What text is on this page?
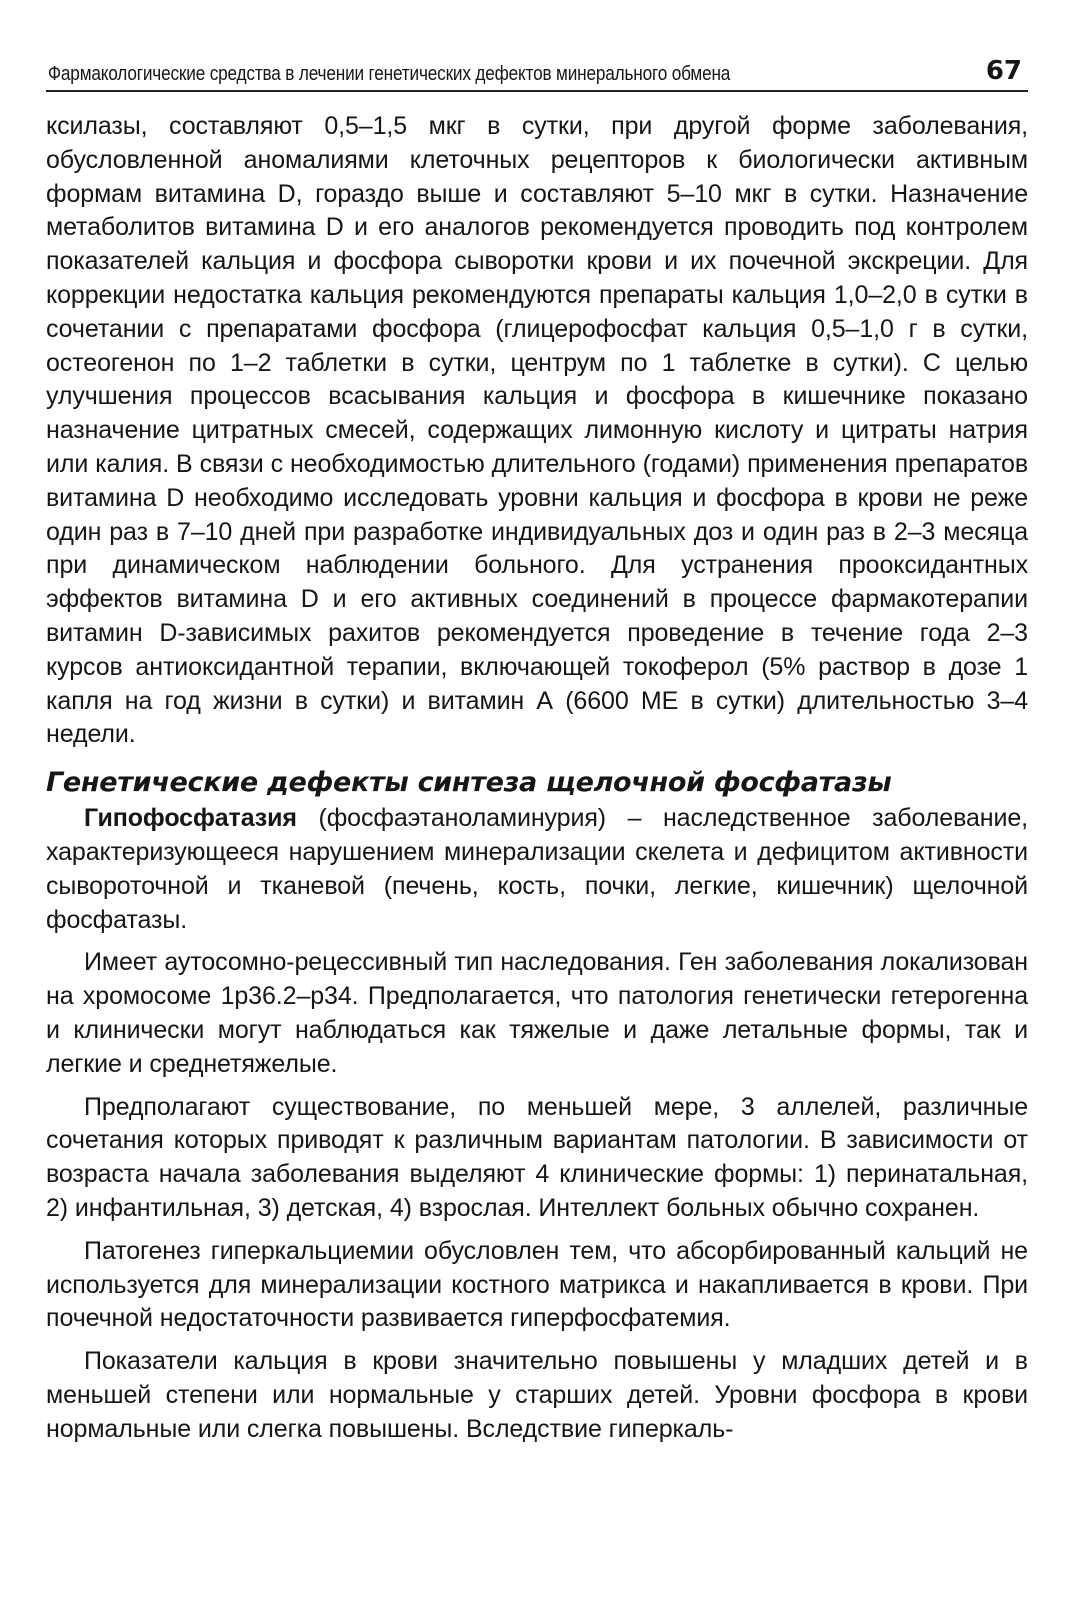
Фармакологические средства в лечении генетических дефектов минерального обмена	67

ксилазы, составляют 0,5–1,5 мкг в сутки, при другой форме заболевания, обусловленной аномалиями клеточных рецепторов к биологически активным формам витамина D, гораздо выше и составляют 5–10 мкг в сутки. Назначение метаболитов витамина D и его аналогов рекомендуется проводить под контролем показателей кальция и фосфора сыворотки крови и их почечной экскреции. Для коррекции недостатка кальция рекомендуются препараты кальция 1,0–2,0 в сутки в сочетании с препаратами фосфора (глицерофосфат кальция 0,5–1,0 г в сутки, остеогенон по 1–2 таблетки в сутки, центрум по 1 таблетке в сутки). С целью улучшения процессов всасывания кальция и фосфора в кишечнике показано назначение цитратных смесей, содержащих лимонную кислоту и цитраты натрия или калия. В связи с необходимостью длительного (годами) применения препаратов витамина D необходимо исследовать уровни кальция и фосфора в крови не реже один раз в 7–10 дней при разработке индивидуальных доз и один раз в 2–3 месяца при динамическом наблюдении больного. Для устранения прооксидантных эффектов витамина D и его активных соединений в процессе фармакотерапии витамин D-зависимых рахитов рекомендуется проведение в течение года 2–3 курсов антиоксидантной терапии, включающей токоферол (5% раствор в дозе 1 капля на год жизни в сутки) и витамин А (6600 МЕ в сутки) длительностью 3–4 недели.

Генетические дефекты синтеза щелочной фосфатазы

Гипофосфатазия (фосфаэтаноламинурия) – наследственное заболевание, характеризующееся нарушением минерализации скелета и дефицитом активности сывороточной и тканевой (печень, кость, почки, легкие, кишечник) щелочной фосфатазы.

Имеет аутосомно-рецессивный тип наследования. Ген заболевания локализован на хромосоме 1р36.2–р34. Предполагается, что патология генетически гетерогенна и клинически могут наблюдаться как тяжелые и даже летальные формы, так и легкие и среднетяжелые.

Предполагают существование, по меньшей мере, 3 аллелей, различные сочетания которых приводят к различным вариантам патологии. В зависимости от возраста начала заболевания выделяют 4 клинические формы: 1) перинатальная, 2) инфантильная, 3) детская, 4) взрослая. Интеллект больных обычно сохранен.

Патогенез гиперкальциемии обусловлен тем, что абсорбированный кальций не используется для минерализации костного матрикса и накапливается в крови. При почечной недостаточности развивается гиперфосфатемия.

Показатели кальция в крови значительно повышены у младших детей и в меньшей степени или нормальные у старших детей. Уровни фосфора в крови нормальные или слегка повышены. Вследствие гиперкаль-
